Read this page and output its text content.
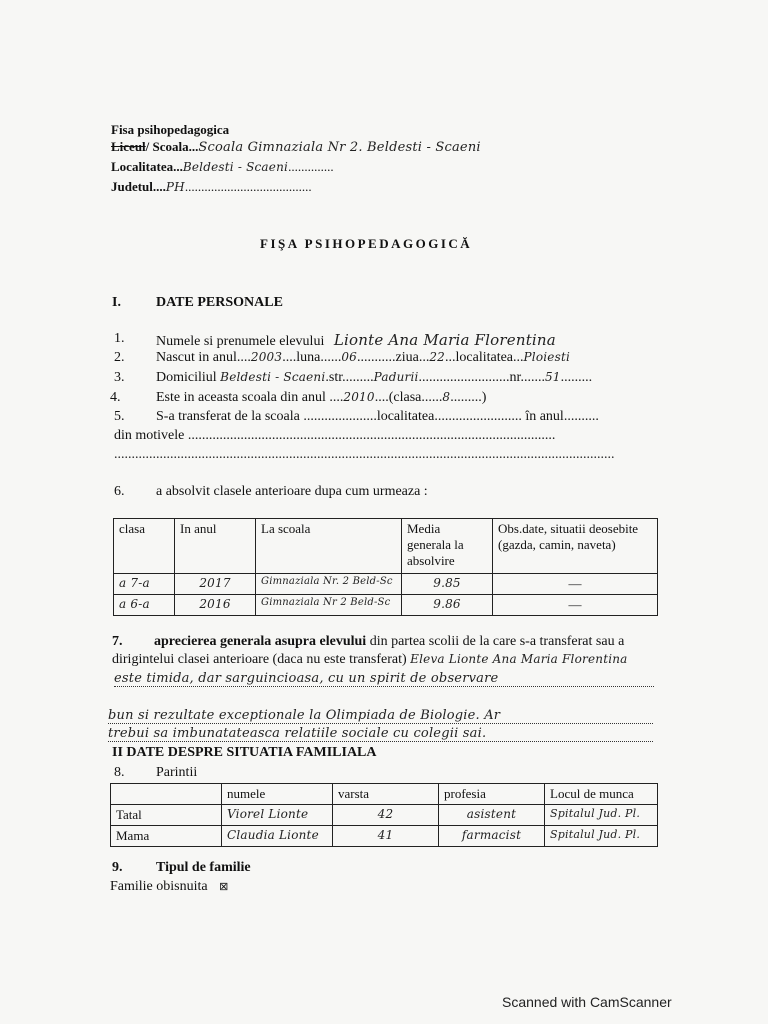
Fisa psihopedagogica
Liceul/ Scoala...Scoala Gimnaziala Nr 2. Beldesti - Scaeni
Localitatea...Beldesti - Scaeni..............
Judetul....PH.......................................
FIŞA PSIHOPEDAGOGICĂ
I.	DATE PERSONALE
1. Numele si prenumele elevului Lionte Ana Maria Florentina
2. Nascut in anul....2003....luna......06...........ziua...22...localitatea...Ploiesti
3. Domiciliul Beldesti - Scaeni.str.........Padurii..........................nr.......51.........
4.	Este in aceasta scoala din anul ....2010....(clasa......8.........)
5. S-a transferat de la scoala .....................localitatea......................... în anul..........
din motivele .........................................................................................................
...............................................................................................................................................
6. a absolvit clasele anterioare dupa cum urmeaza :
clasa	In anul	La scoala	Media generala la absolvire	Obs.date, situatii deosebite (gazda, camin, naveta)
a 7-a	2017	Gimnaziala Nr. 2 Beld-Sc	9.85	—
a 6-a	2016	Gimnaziala Nr 2 Beld-Sc	9.86	—
7. aprecierea generala asupra elevului din partea scolii de la care s-a transferat sau a
dirigintelui clasei anterioare (daca nu este transferat) Eleva Lionte Ana Maria Florentina
este timida, dar sarguincioasa, cu un spirit de observare
bun si rezultate exceptionale la Olimpiada de Biologie. Ar
trebui sa imbunatateasca relatiile sociale cu colegii sai.
II DATE DESPRE SITUATIA FAMILIALA
8. Parintii
	numele	varsta	profesia	Locul de munca
Tatal	Viorel Lionte	42	asistent	Spitalul Jud. Pl.
Mama	Claudia Lionte	41	farmacist	Spitalul Jud. Pl.
9. Tipul de familie
Familie obisnuita ⊠
Scanned with CamScanner
